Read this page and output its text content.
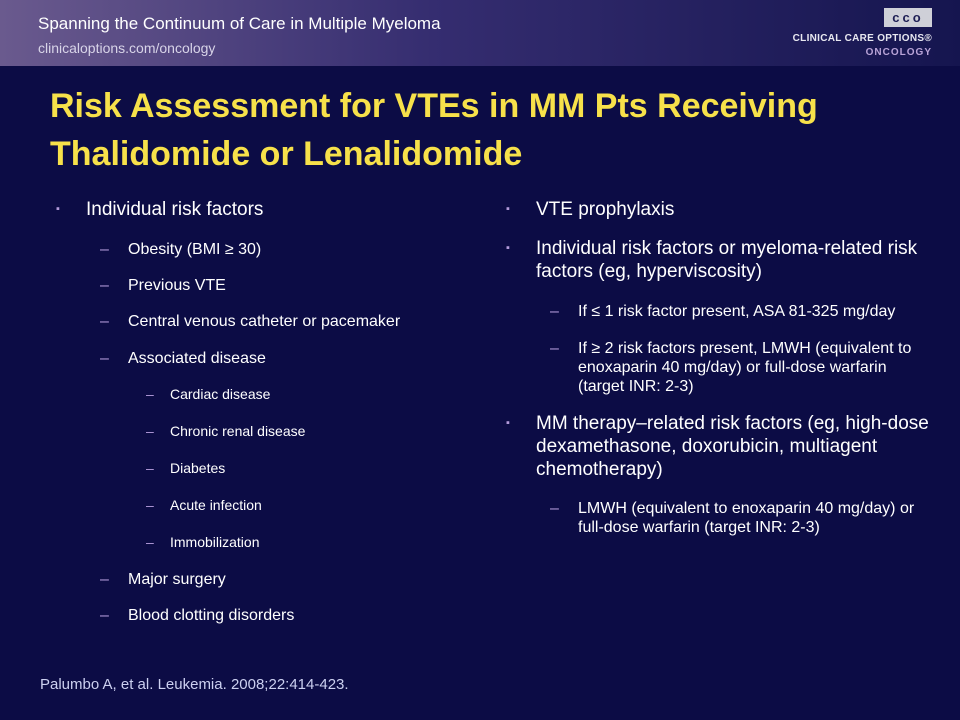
Spanning the Continuum of Care in Multiple Myeloma
clinicaloptions.com/oncology
cco
CLINICAL CARE OPTIONS®
ONCOLOGY
Risk Assessment for VTEs in MM Pts Receiving Thalidomide or Lenalidomide
▪ Individual risk factors
– Obesity (BMI ≥ 30)
– Previous VTE
– Central venous catheter or pacemaker
– Associated disease
– Cardiac disease
– Chronic renal disease
– Diabetes
– Acute infection
– Immobilization
– Major surgery
– Blood clotting disorders
▪ VTE prophylaxis
▪ Individual risk factors or myeloma-related risk factors (eg, hyperviscosity)
– If ≤ 1 risk factor present, ASA 81-325 mg/day
– If ≥ 2 risk factors present, LMWH (equivalent to enoxaparin 40 mg/day) or full-dose warfarin (target INR: 2-3)
▪ MM therapy–related risk factors (eg, high-dose dexamethasone, doxorubicin, multiagent chemotherapy)
– LMWH (equivalent to enoxaparin 40 mg/day) or full-dose warfarin (target INR: 2-3)
Palumbo A, et al. Leukemia. 2008;22:414-423.
